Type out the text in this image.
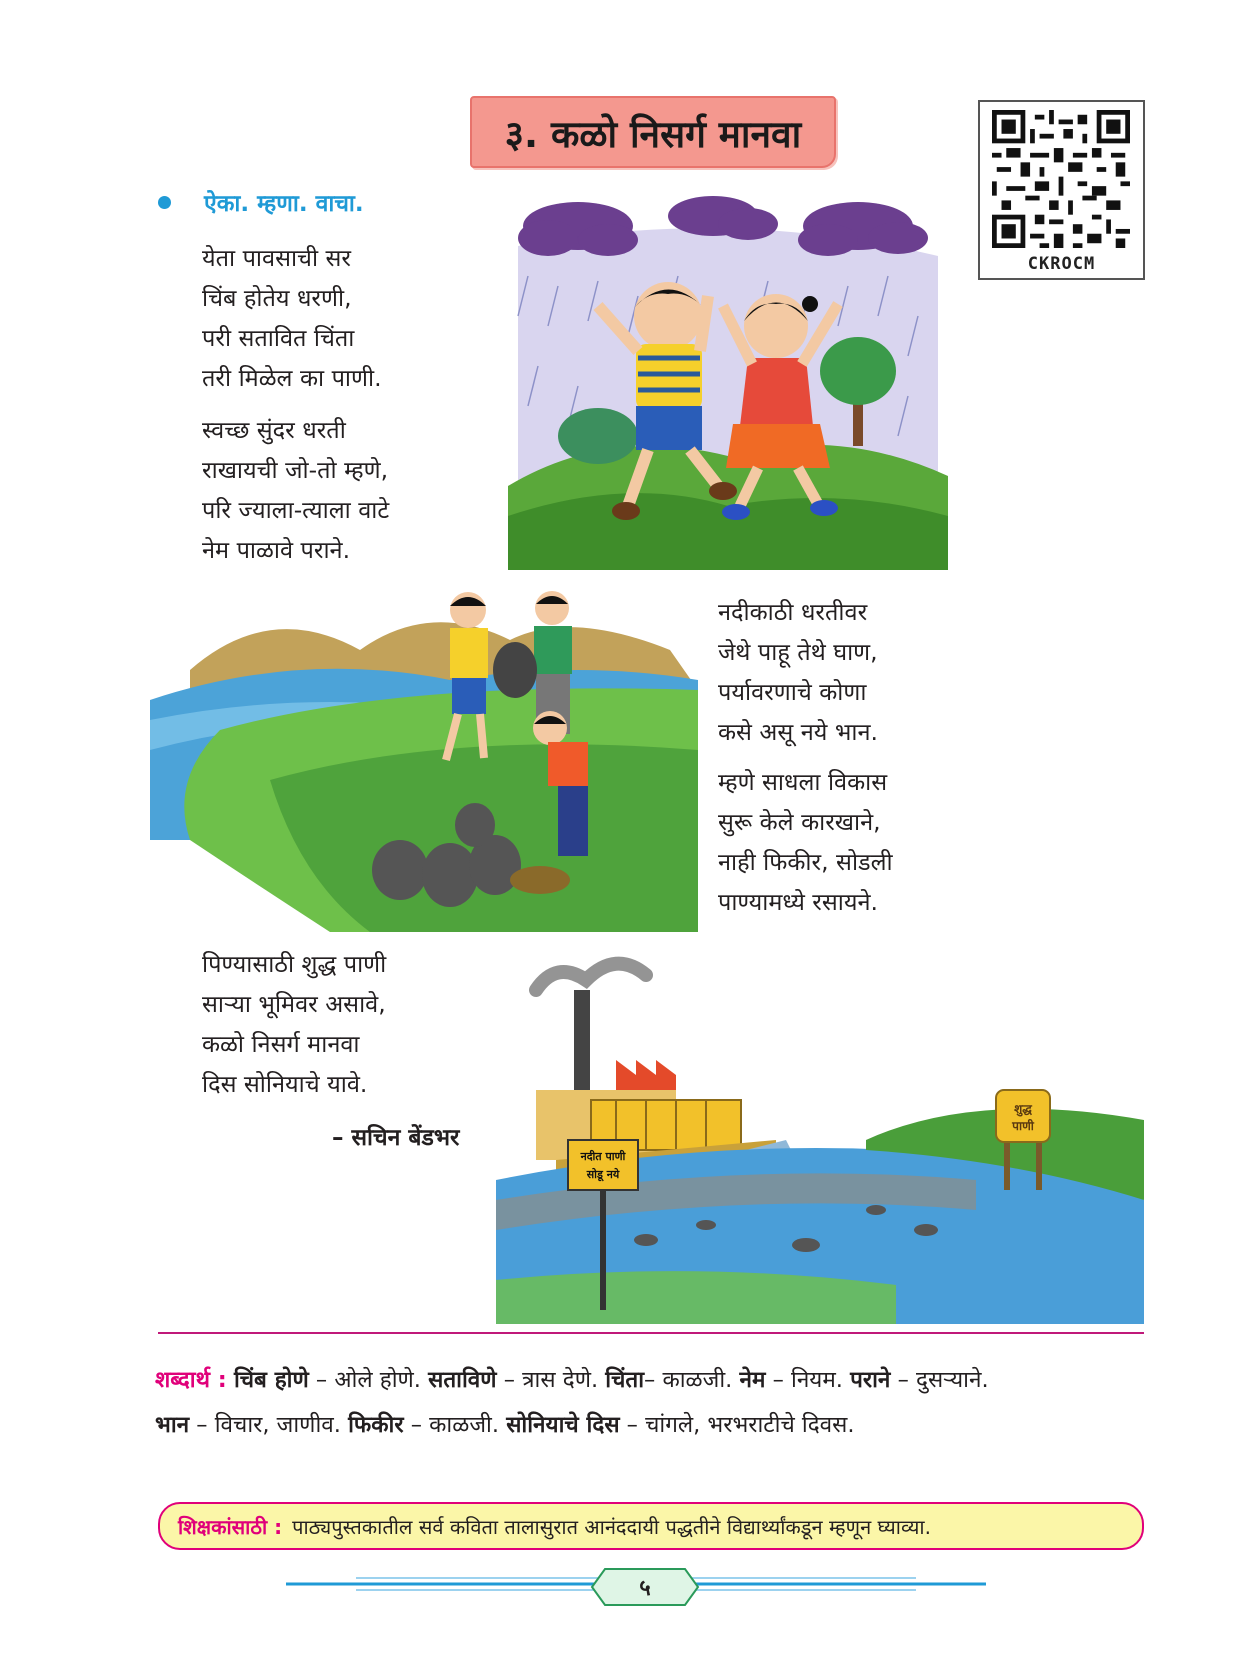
३. कळो निसर्ग मानवा
CKROCM
ऐका. म्हणा. वाचा.
येता पावसाची सर
चिंब होतेय धरणी,
परी सतावित चिंता
तरी मिळेल का पाणी.
स्वच्छ सुंदर धरती
राखायची जो-तो म्हणे,
परि ज्याला-त्याला वाटे
नेम पाळावे पराने.
नदीकाठी धरतीवर
जेथे पाहू तेथे घाण,
पर्यावरणाचे कोणा
कसे असू नये भान.
म्हणे साधला विकास
सुरू केले कारखाने,
नाही फिकीर, सोडली
पाण्यामध्ये रसायने.
पिण्यासाठी शुद्ध पाणी
साऱ्या भूमिवर असावे,
कळो निसर्ग मानवा
दिस सोनियाचे यावे.
– सचिन बेंडभर
शुद्ध
पाणी
नदीत पाणी
सोडू नये
शब्दार्थ : चिंब होणे – ओले होणे. सताविणे – त्रास देणे. चिंता– काळजी. नेम – नियम. पराने – दुसऱ्याने.
भान – विचार, जाणीव. फिकीर – काळजी. सोनियाचे दिस – चांगले, भरभराटीचे दिवस.
शिक्षकांसाठी : पाठ्यपुस्तकातील सर्व कविता तालासुरात आनंददायी पद्धतीने विद्यार्थ्यांकडून म्हणून घ्याव्या.
५
